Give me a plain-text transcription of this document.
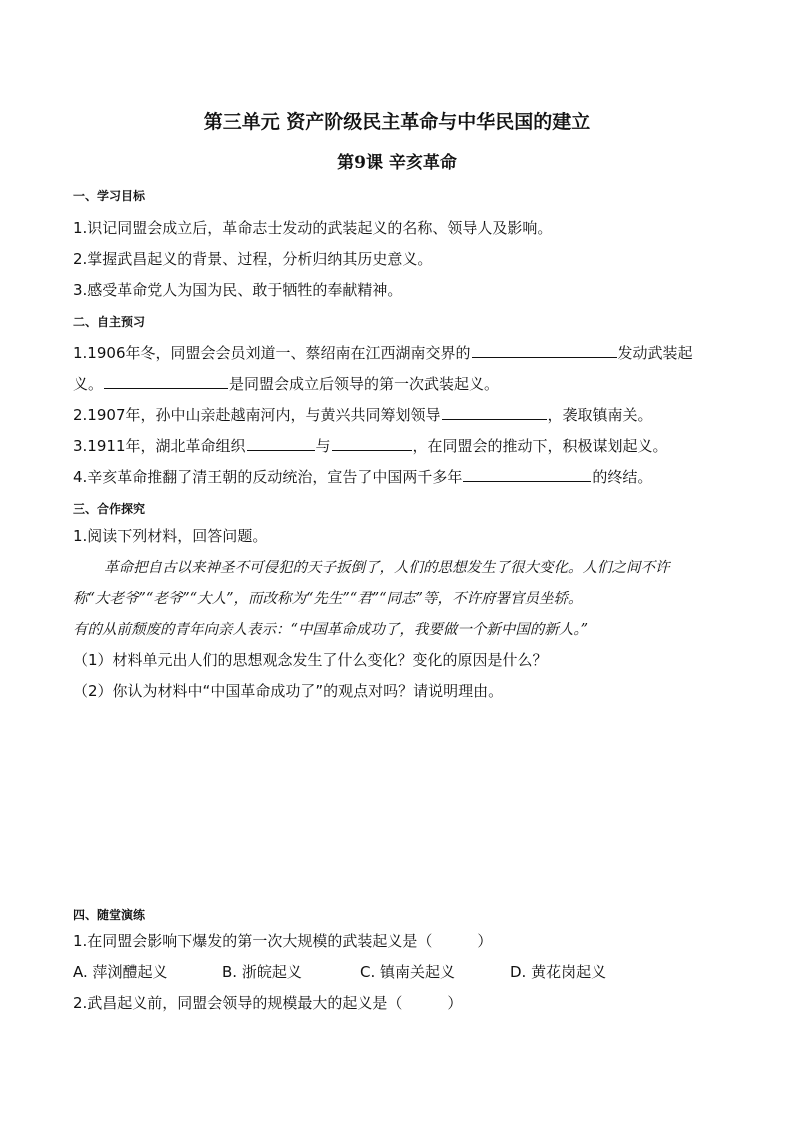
第三单元 资产阶级民主革命与中华民国的建立
第9课 辛亥革命
一、学习目标
1.识记同盟会成立后，革命志士发动的武装起义的名称、领导人及影响。
2.掌握武昌起义的背景、过程，分析归纳其历史意义。
3.感受革命党人为国为民、敢于牺牲的奉献精神。
二、自主预习
1.1906年冬，同盟会会员刘道一、蔡绍南在江西湖南交界的	发动武装起
义。	是同盟会成立后领导的第一次武装起义。
2.1907年，孙中山亲赴越南河内，与黄兴共同筹划领导	，袭取镇南关。
3.1911年，湖北革命组织	与	，在同盟会的推动下，积极谋划起义。
4.辛亥革命推翻了清王朝的反动统治，宣告了中国两千多年	的终结。
三、合作探究
1.阅读下列材料，回答问题。
革命把自古以来神圣不可侵犯的天子扳倒了，人们的思想发生了很大变化。人们之间不许
称“大老爷”“老爷”“大人”，而改称为“先生”“君”“同志”等，不许府署官员坐轿。
有的从前颓废的青年向亲人表示：“中国革命成功了，我要做一个新中国的新人。”
（1）材料单元出人们的思想观念发生了什么变化？变化的原因是什么？
（2）你认为材料中“中国革命成功了”的观点对吗？请说明理由。
四、随堂演练
1.在同盟会影响下爆发的第一次大规模的武装起义是（　　　）
A. 萍浏醴起义	B. 浙皖起义	C. 镇南关起义	D. 黄花岗起义
2.武昌起义前，同盟会领导的规模最大的起义是（　　　）
